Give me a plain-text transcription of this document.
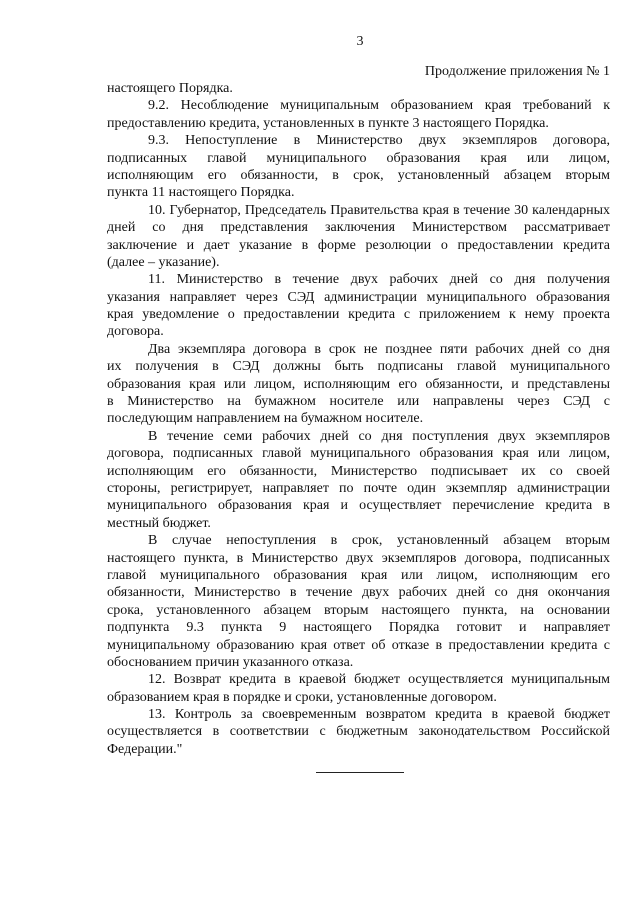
3
Продолжение приложения № 1
настоящего Порядка.
9.2. Несоблюдение муниципальным образованием края требований к
предоставлению кредита, установленных в пункте 3 настоящего Порядка.
9.3. Непоступление в Министерство двух экземпляров договора,
подписанных главой муниципального образования края или лицом,
исполняющим его обязанности, в срок, установленный абзацем вторым
пункта 11 настоящего Порядка.
10. Губернатор, Председатель Правительства края в течение 30 календарных
дней со дня представления заключения Министерством рассматривает
заключение и дает указание в форме резолюции о предоставлении кредита
(далее – указание).
11. Министерство в течение двух рабочих дней со дня получения
указания направляет через СЭД администрации муниципального образования
края уведомление о предоставлении кредита с приложением к нему проекта
договора.
Два экземпляра договора в срок не позднее пяти рабочих дней со дня
их получения в СЭД должны быть подписаны главой муниципального
образования края или лицом, исполняющим его обязанности, и представлены
в Министерство на бумажном носителе или направлены через СЭД с
последующим направлением на бумажном носителе.
В течение семи рабочих дней со дня поступления двух экземпляров
договора, подписанных главой муниципального образования края или лицом,
исполняющим его обязанности, Министерство подписывает их со своей
стороны, регистрирует, направляет по почте один экземпляр администрации
муниципального образования края и осуществляет перечисление кредита в
местный бюджет.
В случае непоступления в срок, установленный абзацем вторым
настоящего пункта, в Министерство двух экземпляров договора, подписанных
главой муниципального образования края или лицом, исполняющим его
обязанности, Министерство в течение двух рабочих дней со дня окончания
срока, установленного абзацем вторым настоящего пункта, на основании
подпункта 9.3 пункта 9 настоящего Порядка готовит и направляет
муниципальному образованию края ответ об отказе в предоставлении кредита с
обоснованием причин указанного отказа.
12. Возврат кредита в краевой бюджет осуществляется муниципальным
образованием края в порядке и сроки, установленные договором.
13. Контроль за своевременным возвратом кредита в краевой бюджет
осуществляется в соответствии с бюджетным законодательством Российской
Федерации."
